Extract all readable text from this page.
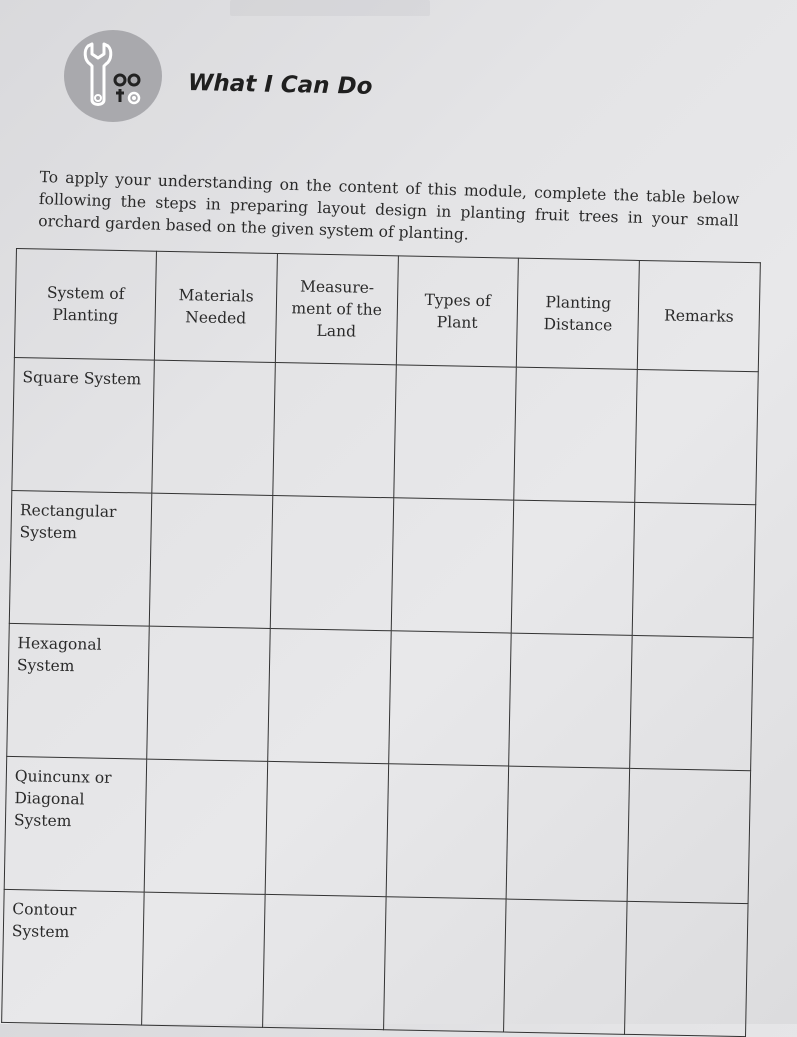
What I Can Do

To apply your understanding on the content of this module, complete the table below following the steps in preparing layout design in planting fruit trees in your small orchard garden based on the given system of planting.

System of Planting	Materials Needed	Measure-ment of the Land	Types of Plant	Planting Distance	Remarks
Square System					
Rectangular System					
Hexagonal System					
Quincunx or Diagonal System					
Contour System					
